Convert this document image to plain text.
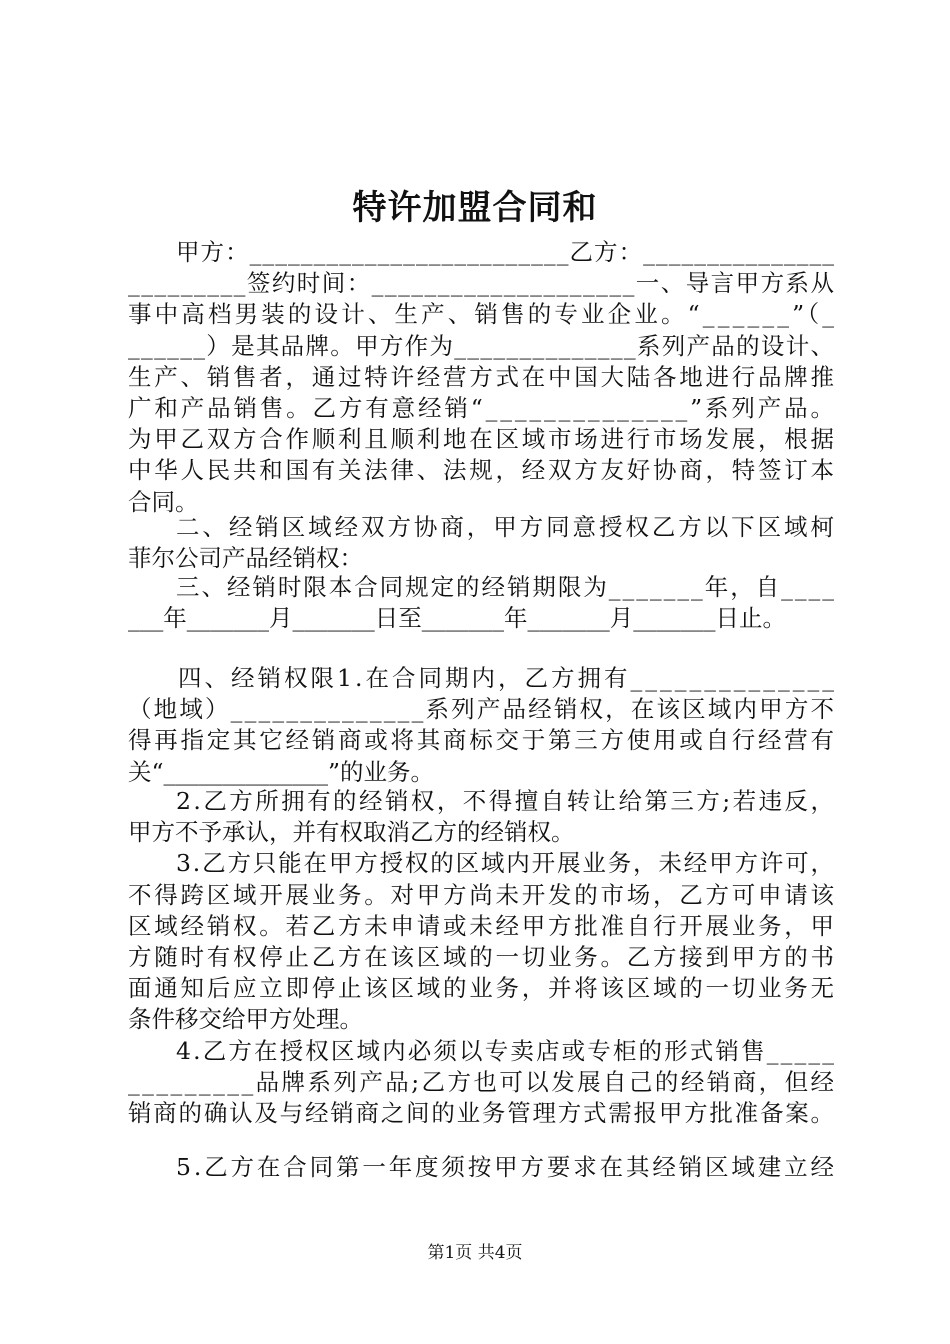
特许加盟合同和
甲方：_________________________乙方：_______________
_________签约时间：____________________一、导言甲方系从
事中高档男装的设计、生产、销售的专业企业。“______”（_
______）是其品牌。甲方作为______________系列产品的设计、
生产、销售者，通过特许经营方式在中国大陆各地进行品牌推
广和产品销售。乙方有意经销“______________”系列产品。
为甲乙双方合作顺利且顺利地在区域市场进行市场发展，根据
中华人民共和国有关法律、法规，经双方友好协商，特签订本
合同。
二、经销区域经双方协商，甲方同意授权乙方以下区域柯
菲尔公司产品经销权：
三、经销时限本合同规定的经销期限为_______年，自____
___年_______月_______日至_______年_______月_______日止。
四、经销权限1.在合同期内，乙方拥有______________
（地域）______________系列产品经销权，在该区域内甲方不
得再指定其它经销商或将其商标交于第三方使用或自行经营有
关“______________”的业务。
2.乙方所拥有的经销权，不得擅自转让给第三方;若违反，
甲方不予承认，并有权取消乙方的经销权。
3.乙方只能在甲方授权的区域内开展业务，未经甲方许可，
不得跨区域开展业务。对甲方尚未开发的市场，乙方可申请该
区域经销权。若乙方未申请或未经甲方批准自行开展业务，甲
方随时有权停止乙方在该区域的一切业务。乙方接到甲方的书
面通知后应立即停止该区域的业务，并将该区域的一切业务无
条件移交给甲方处理。
4.乙方在授权区域内必须以专卖店或专柜的形式销售_____
_________品牌系列产品;乙方也可以发展自己的经销商，但经
销商的确认及与经销商之间的业务管理方式需报甲方批准备案。
5.乙方在合同第一年度须按甲方要求在其经销区域建立经
第1页 共4页
